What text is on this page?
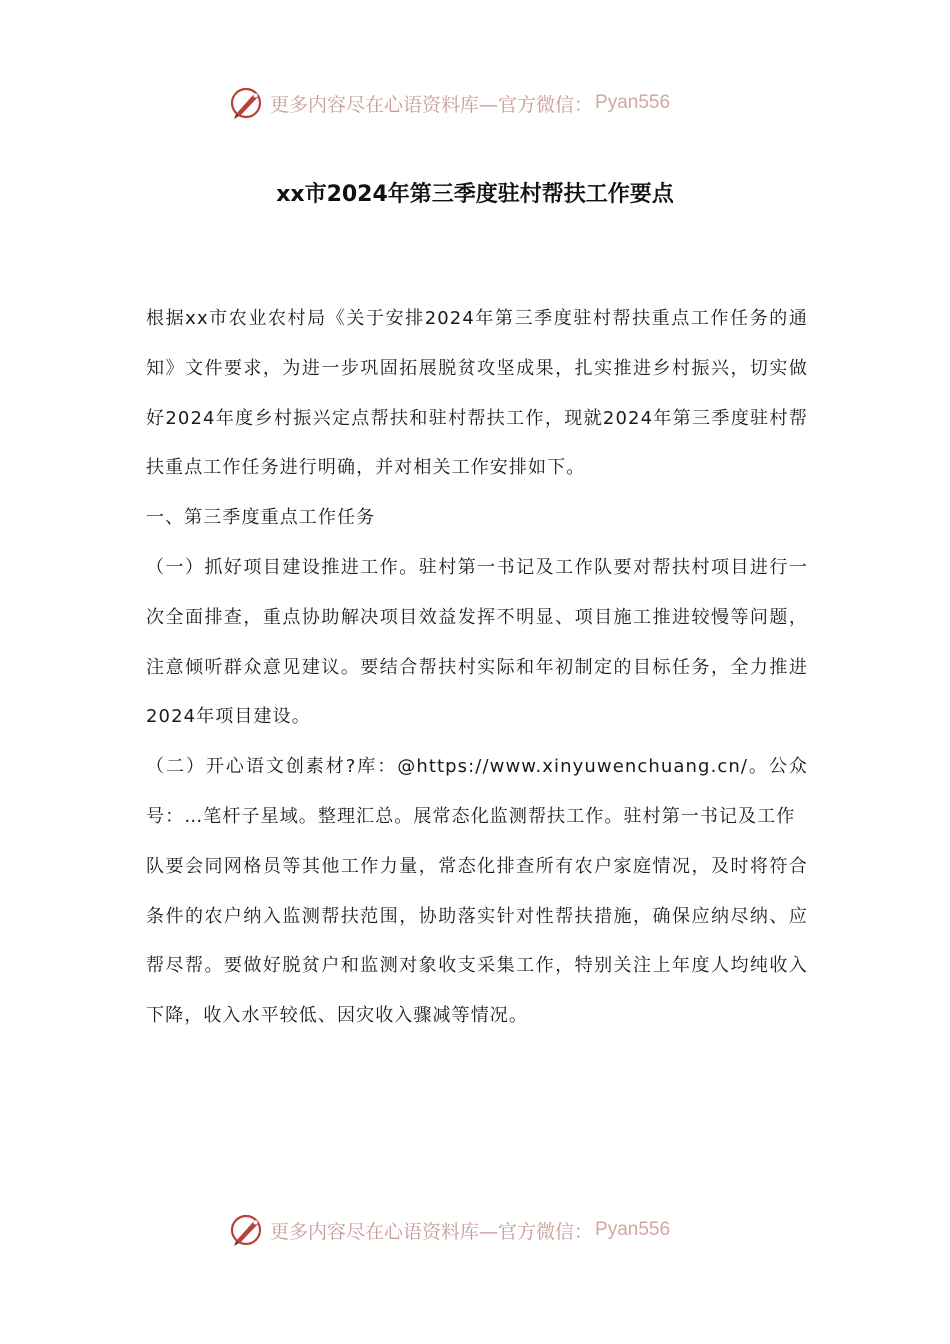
更多内容尽在心语资料库—官方微信： Pyan556
xx市2024年第三季度驻村帮扶工作要点

根据xx市农业农村局《关于安排2024年第三季度驻村帮扶重点工作任务的通知》文件要求，为进一步巩固拓展脱贫攻坚成果，扎实推进乡村振兴，切实做好2024年度乡村振兴定点帮扶和驻村帮扶工作，现就2024年第三季度驻村帮扶重点工作任务进行明确，并对相关工作安排如下。

一、第三季度重点工作任务

（一）抓好项目建设推进工作。驻村第一书记及工作队要对帮扶村项目进行一次全面排查，重点协助解决项目效益发挥不明显、项目施工推进较慢等问题，注意倾听群众意见建议。要结合帮扶村实际和年初制定的目标任务，全力推进2024年项目建设。

（二）开心语文创素材?库：@https://www.xinyuwenchuang.cn/。公众号：…笔杆子星域。整理汇总。展常态化监测帮扶工作。驻村第一书记及工作

队要会同网格员等其他工作力量，常态化排查所有农户家庭情况，及时将符合条件的农户纳入监测帮扶范围，协助落实针对性帮扶措施，确保应纳尽纳、应帮尽帮。要做好脱贫户和监测对象收支采集工作，特别关注上年度人均纯收入下降，收入水平较低、因灾收入骤减等情况。

更多内容尽在心语资料库—官方微信： Pyan556
